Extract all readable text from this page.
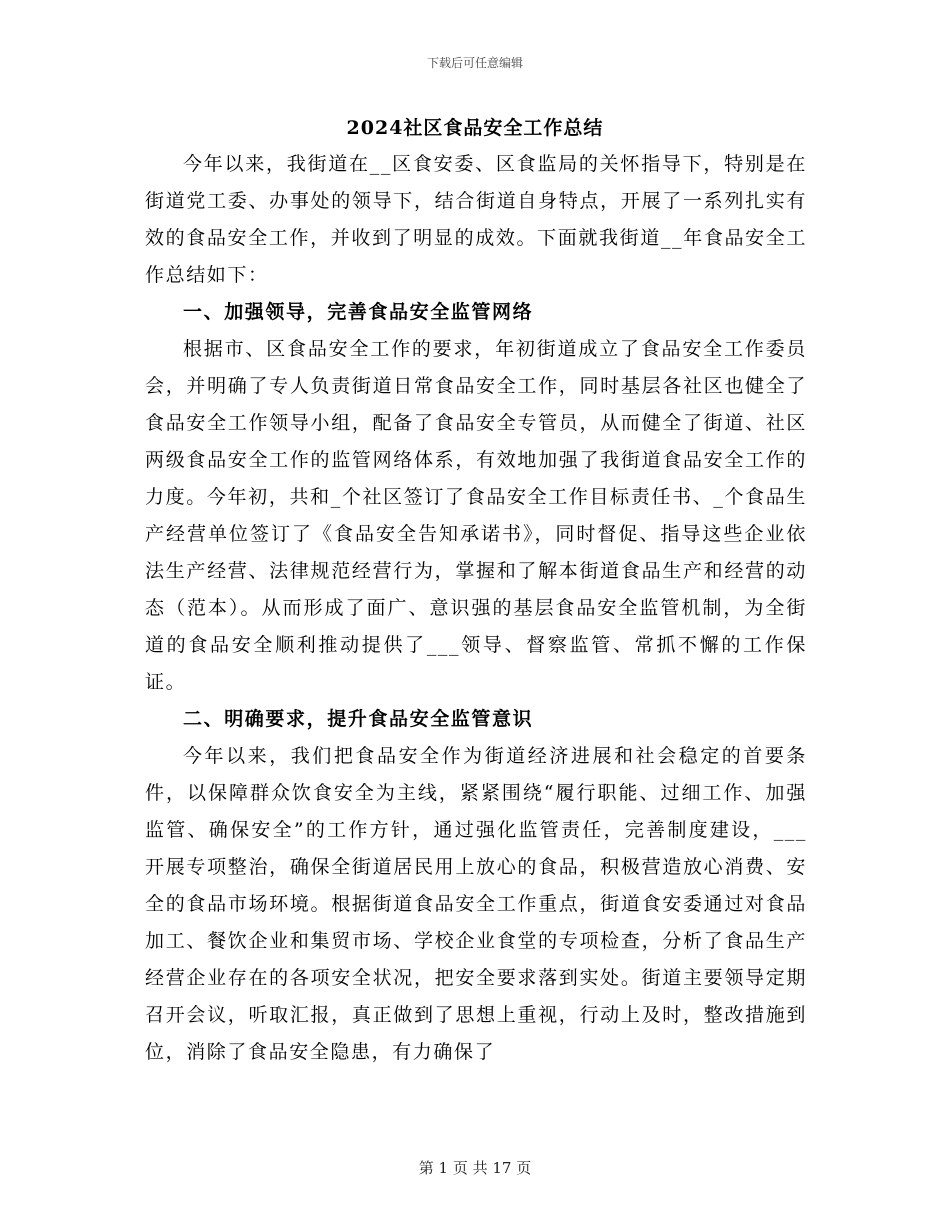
下载后可任意编辑
2024社区食品安全工作总结

今年以来，我街道在__区食安委、区食监局的关怀指导下，特别是在街道党工委、办事处的领导下，结合街道自身特点，开展了一系列扎实有效的食品安全工作，并收到了明显的成效。下面就我街道__年食品安全工作总结如下：

一、加强领导，完善食品安全监管网络

根据市、区食品安全工作的要求，年初街道成立了食品安全工作委员会，并明确了专人负责街道日常食品安全工作，同时基层各社区也健全了食品安全工作领导小组，配备了食品安全专管员，从而健全了街道、社区两级食品安全工作的监管网络体系，有效地加强了我街道食品安全工作的力度。今年初，共和_个社区签订了食品安全工作目标责任书、_个食品生产经营单位签订了《食品安全告知承诺书》，同时督促、指导这些企业依法生产经营、法律规范经营行为，掌握和了解本街道食品生产和经营的动态（范本）。从而形成了面广、意识强的基层食品安全监管机制，为全街道的食品安全顺利推动提供了___领导、督察监管、常抓不懈的工作保证。

二、明确要求，提升食品安全监管意识

今年以来，我们把食品安全作为街道经济进展和社会稳定的首要条件，以保障群众饮食安全为主线，紧紧围绕“履行职能、过细工作、加强监管、确保安全”的工作方针，通过强化监管责任，完善制度建设，___开展专项整治，确保全街道居民用上放心的食品，积极营造放心消费、安全的食品市场环境。根据街道食品安全工作重点，街道食安委通过对食品加工、餐饮企业和集贸市场、学校企业食堂的专项检查，分析了食品生产经营企业存在的各项安全状况，把安全要求落到实处。街道主要领导定期召开会议，听取汇报，真正做到了思想上重视，行动上及时，整改措施到位，消除了食品安全隐患，有力确保了

第 1 页 共 17 页
